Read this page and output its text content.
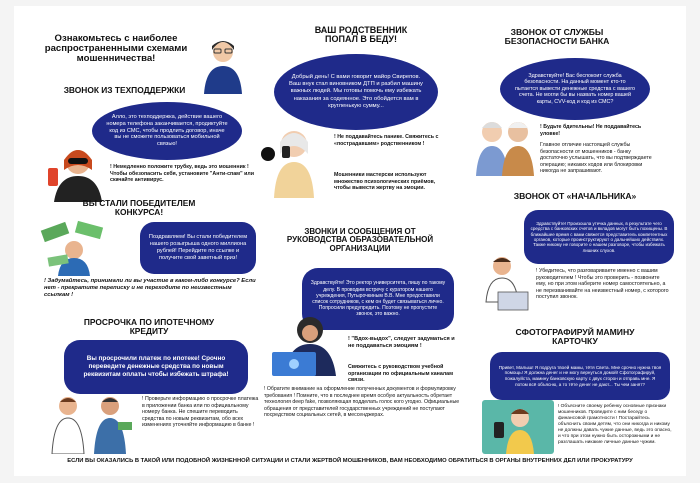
Ознакомьтесь с наиболее распространенными схемами мошенничества!
ЗВОНОК ИЗ ТЕХПОДДЕРЖКИ
Алло, это техподдержка, действие вашего номера телефона заканчивается, продиктуйте код из СМС, чтобы продлить договор, иначе вы не сможете пользоваться мобильной связью!
! Немедленно положите трубку, ведь это мошенник ! Чтобы обезопасить себя, установите "Анти-спам" или скачайте антивирус.
ВЫ СТАЛИ ПОБЕДИТЕЛЕМ КОНКУРСА!
Поздравляем! Вы стали победителем нашего розыгрыша одного миллиона рублей! Перейдите по ссылке и получите свой заветный приз!
! Задумайтесь, принимали ли вы участие в каком-либо конкурсе? Если нет - прекратите переписку и не переходите по неизвестным ссылкам !
ПРОСРОЧКА ПО ИПОТЕЧНОМУ КРЕДИТУ
Вы просрочили платеж по ипотеке! Срочно переведите денежные средства по новым реквизитам оплаты чтобы избежать штрафа!
! Проверьте информацию о просрочке платежа в приложении банка или по официальному номеру банка. Не спешите переводить средства по новым реквизитам, обо всех изменениях уточняйте информацию в банке !
ВАШ РОДСТВЕННИК ПОПАЛ В БЕДУ!
Добрый день! С вами говорит майор Свирепов. Ваш внук стал виновником ДТП и разбил машину важных людей. Мы готовы помочь ему избежать наказания за содеянное. Это обойдется вам в кругленькую сумму...
! Не поддавайтесь панике. Свяжитесь с «пострадавшим» родственником !
Мошенники мастерски используют множество психологических приёмов, чтобы вывести жертву на эмоции.
ЗВОНКИ И СООБЩЕНИЯ ОТ РУКОВОДСТВА ОБРАЗОВАТЕЛЬНОЙ ОРГАНИЗАЦИИ
Здравствуйте! Это ректор университета, пишу по такому делу. В проводим встречу с куратором нашего учреждения, Путырочкиным В.В. Мне предоставили список сотрудников, с кем он будет связываться лично. Попросили предупредить. Поэтому не пропустите звонок, это важно.
! "Вдох-выдох", следует задуматься и не поддаваться эмоциям !
Свяжитесь с руководством учебной организации по официальным каналам связи.
! Обратите внимание на оформление полученных документов и формулировку требования ! Помните, что в последнее время особую актуальность обретает технология deep fake, позволяющая подделать голос кого угодно. Официальные обращения от представителей государственных учреждений не поступают посредством социальных сетей, в мессенджерах.
ЗВОНОК ОТ СЛУЖБЫ БЕЗОПАСНОСТИ БАНКА
Здравствуйте! Вас беспокоит служба безопасности. На данный момент кто-то пытается вывести денежные средства с вашего счета. Не могли бы вы назвать номер вашей карты, CVV-код и код из СМС?
! Будьте бдительны! Не поддавайтесь уловке!
Главное отличие настоящей службы безопасности от мошенников - банку достаточно услышать, что вы подтверждаете операцию; никаких кодов или блокировки никогда не запрашивают.
ЗВОНОК ОТ «НАЧАЛЬНИКА»
Здравствуйте! Произошла утечка данных, в результате чего средства с банковских счетов и вкладов могут быть похищены. В ближайшее время с вами свяжется представитель компетентных органов, которые проинструктируют о дальнейших действиях. Также никому не говорите о нашем разговоре, чтобы избежать лишних слухов.
! Убедитесь, что разговариваете именно с вашим руководителем ! Чтобы это проверить - позвоните ему, но при этом наберите номер самостоятельно, а не перезванивайте на неизвестный номер, с которого поступил звонок.
СФОТОГРАФИРУЙ МАМИНУ КАРТОЧКУ
Привет, Малыш! Я подруга твоей мамы, тётя Света. Мне срочно нужна твоя помощь! Я должна денег и не могу вернуться домой! Сфотографируй, пожалуйста, мамину банковскую карту с двух сторон и отправь мне. Я потом всё объясню, а то тёте денег не дают... Ты чем занят?
! Объясните своему ребенку основные признаки мошенников. Проведите с ним беседу о финансовой грамотности ! Постарайтесь объяснить своим детям, что они никогда и никому не должны давать чужие данные, ведь это опасно, и что при этом нужно быть осторожными и не разглашать никакие личные данные чужим.
ЕСЛИ ВЫ ОКАЗАЛИСЬ В ТАКОЙ ИЛИ ПОДОБНОЙ ЖИЗНЕННОЙ СИТУАЦИИ И СТАЛИ ЖЕРТВОЙ МОШЕННИКОВ, ВАМ НЕОБХОДИМО ОБРАТИТЬСЯ В ОРГАНЫ ВНУТРЕННИХ ДЕЛ ИЛИ ПРОКУРАТУРУ
